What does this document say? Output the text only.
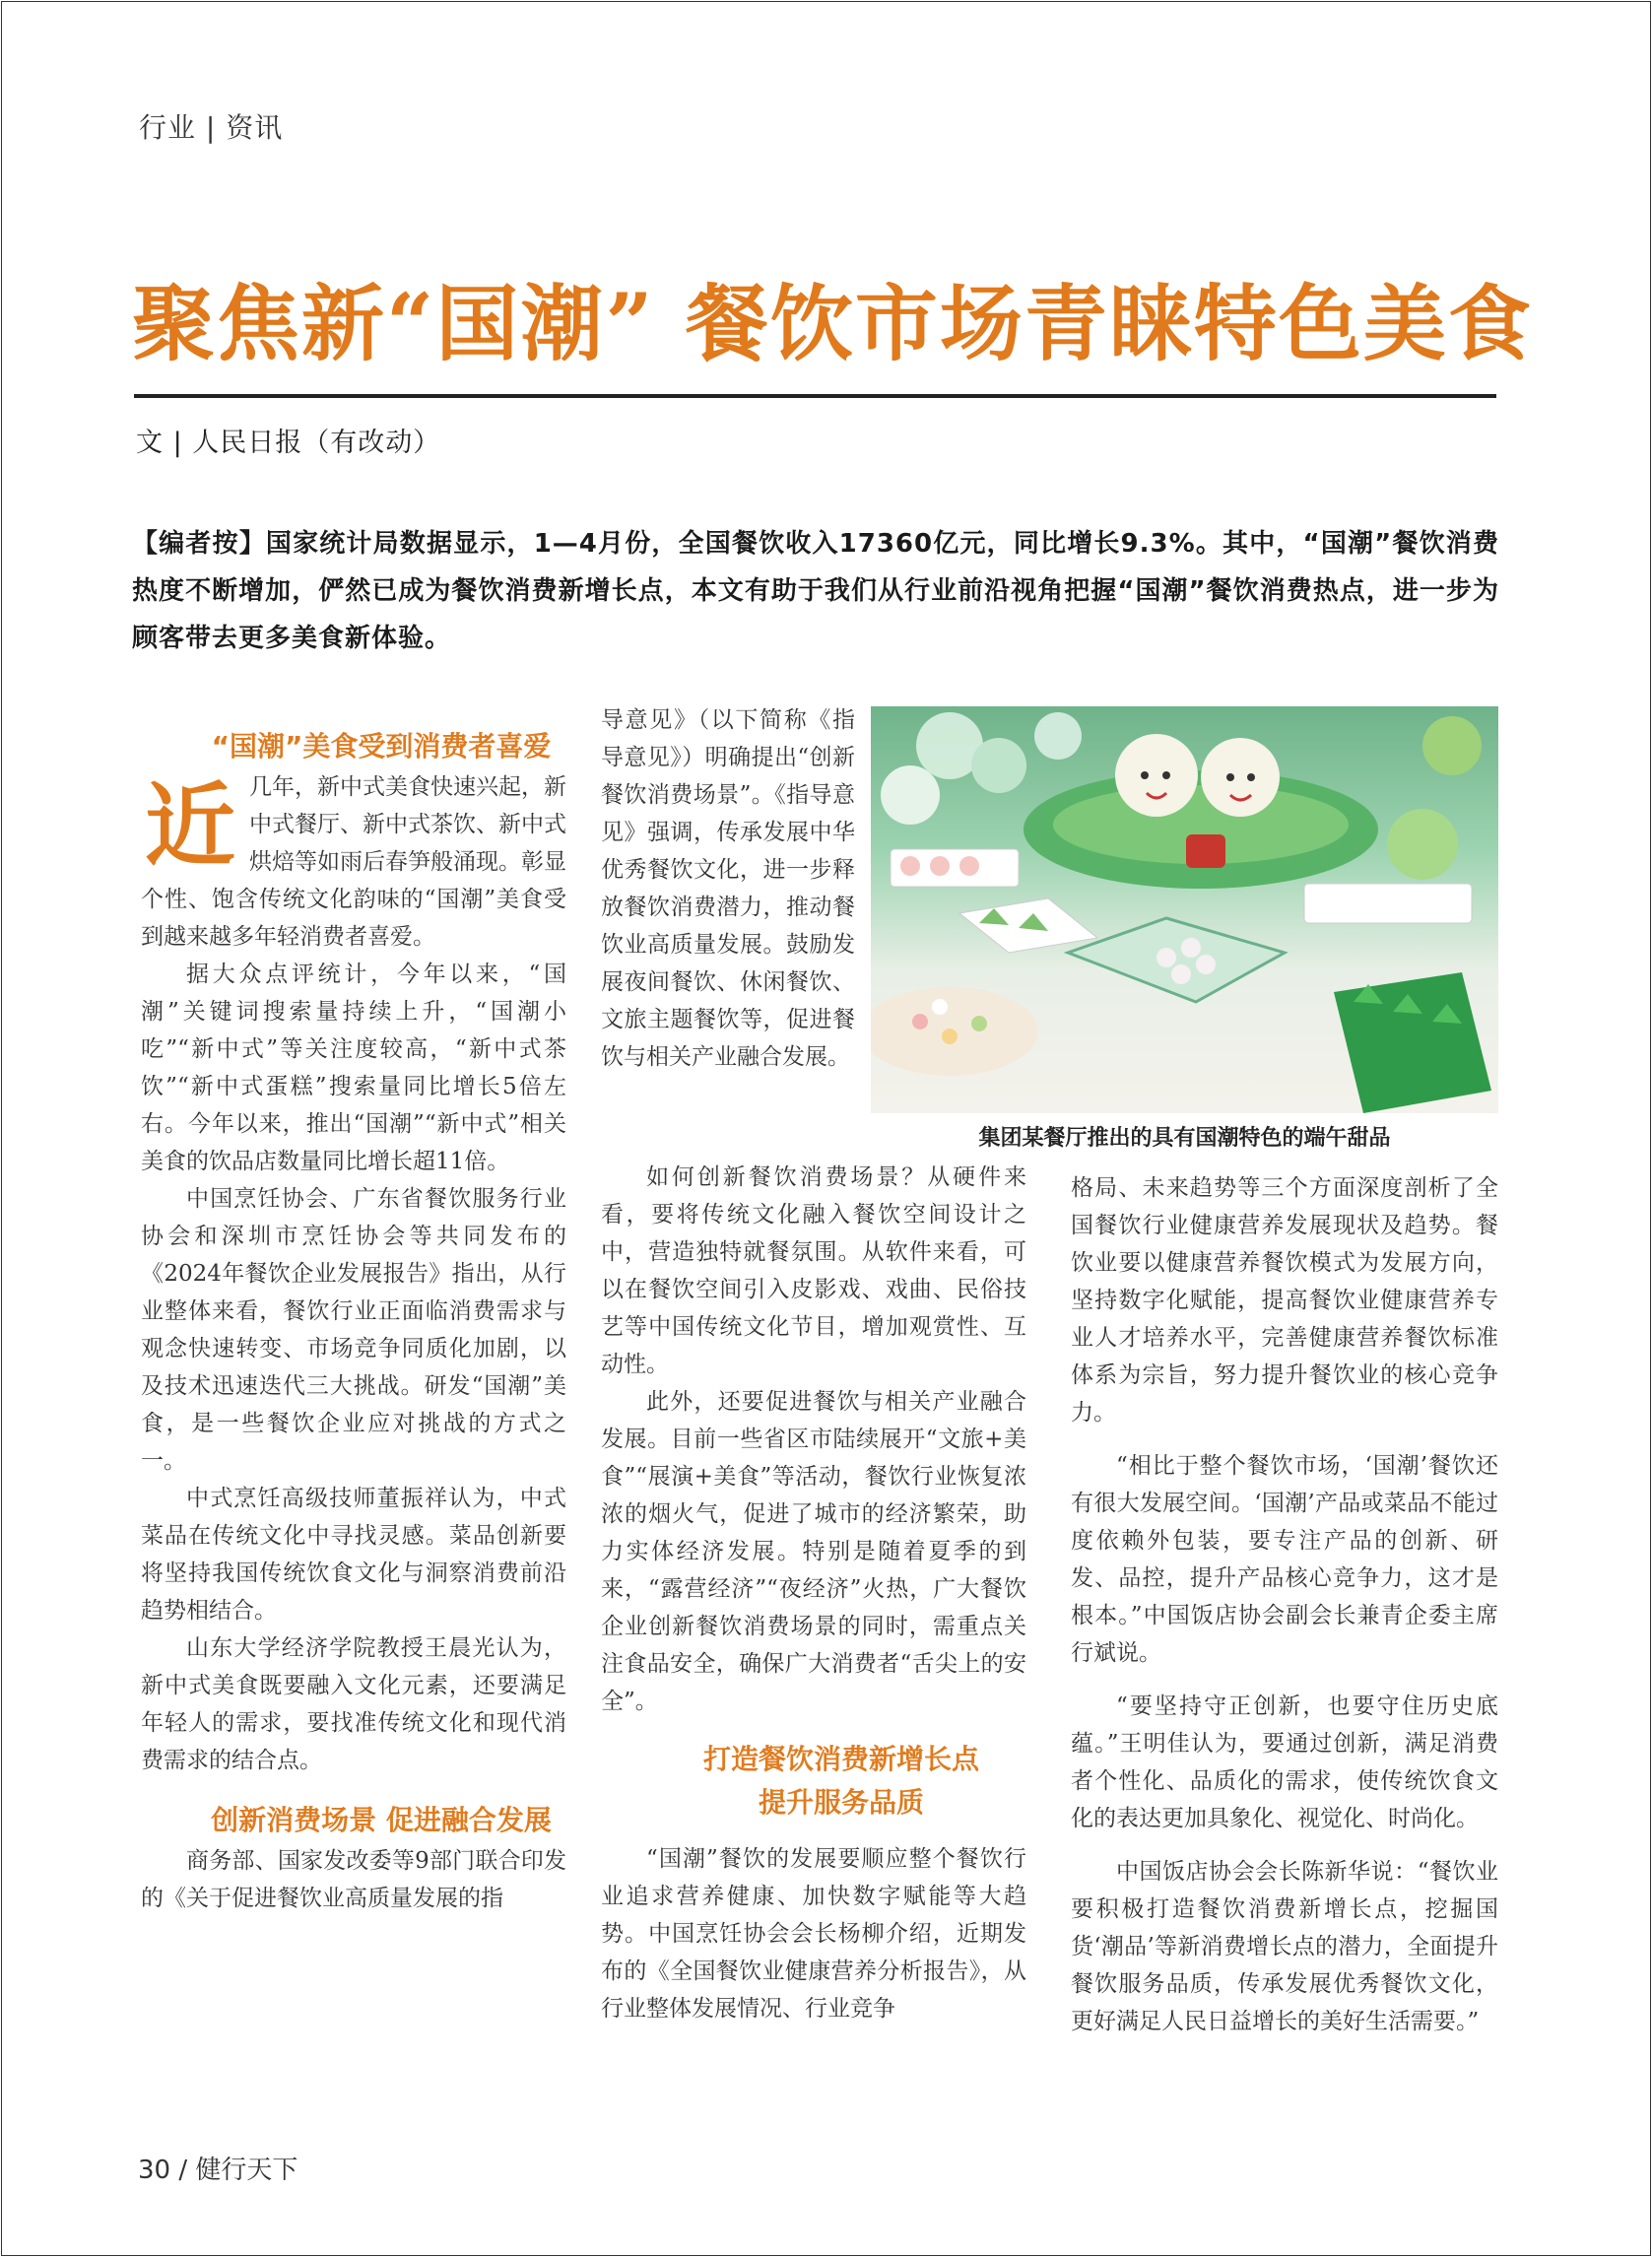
行业 | 资讯
聚焦新“国潮” 餐饮市场青睐特色美食
文 | 人民日报（有改动）
【编者按】国家统计局数据显示，1—4月份，全国餐饮收入17360亿元，同比增长9.3%。其中，“国潮”餐饮消费热度不断增加，俨然已成为餐饮消费新增长点，本文有助于我们从行业前沿视角把握“国潮”餐饮消费热点，进一步为顾客带去更多美食新体验。

“国潮”美食受到消费者喜爱

近几年，新中式美食快速兴起，新中式餐厅、新中式茶饮、新中式烘焙等如雨后春笋般涌现。彰显个性、饱含传统文化韵味的“国潮”美食受到越来越多年轻消费者喜爱。

据大众点评统计，今年以来，“国潮”关键词搜索量持续上升，“国潮小吃”“新中式”等关注度较高，“新中式茶饮”“新中式蛋糕”搜索量同比增长5倍左右。今年以来，推出“国潮”“新中式”相关美食的饮品店数量同比增长超11倍。

中国烹饪协会、广东省餐饮服务行业协会和深圳市烹饪协会等共同发布的《2024年餐饮企业发展报告》指出，从行业整体来看，餐饮行业正面临消费需求与观念快速转变、市场竞争同质化加剧，以及技术迅速迭代三大挑战。研发“国潮”美食，是一些餐饮企业应对挑战的方式之一。

中式烹饪高级技师董振祥认为，中式菜品在传统文化中寻找灵感。菜品创新要将坚持我国传统饮食文化与洞察消费前沿趋势相结合。

山东大学经济学院教授王晨光认为，新中式美食既要融入文化元素，还要满足年轻人的需求，要找准传统文化和现代消费需求的结合点。

创新消费场景 促进融合发展

商务部、国家发改委等9部门联合印发的《关于促进餐饮业高质量发展的指

导意见》（以下简称《指导意见》）明确提出“创新餐饮消费场景”。《指导意见》强调，传承发展中华优秀餐饮文化，进一步释放餐饮消费潜力，推动餐饮业高质量发展。鼓励发展夜间餐饮、休闲餐饮、文旅主题餐饮等，促进餐饮与相关产业融合发展。

如何创新餐饮消费场景？从硬件来看，要将传统文化融入餐饮空间设计之中，营造独特就餐氛围。从软件来看，可以在餐饮空间引入皮影戏、戏曲、民俗技艺等中国传统文化节目，增加观赏性、互动性。

此外，还要促进餐饮与相关产业融合发展。目前一些省区市陆续展开“文旅+美食”“展演+美食”等活动，餐饮行业恢复浓浓的烟火气，促进了城市的经济繁荣，助力实体经济发展。特别是随着夏季的到来，“露营经济”“夜经济”火热，广大餐饮企业创新餐饮消费场景的同时，需重点关注食品安全，确保广大消费者“舌尖上的安全”。

打造餐饮消费新增长点

提升服务品质

“国潮”餐饮的发展要顺应整个餐饮行业追求营养健康、加快数字赋能等大趋势。中国烹饪协会会长杨柳介绍，近期发布的《全国餐饮业健康营养分析报告》，从行业整体发展情况、行业竞争

集团某餐厅推出的具有国潮特色的端午甜品

格局、未来趋势等三个方面深度剖析了全国餐饮行业健康营养发展现状及趋势。餐饮业要以健康营养餐饮模式为发展方向，坚持数字化赋能，提高餐饮业健康营养专业人才培养水平，完善健康营养餐饮标准体系为宗旨，努力提升餐饮业的核心竞争力。

“相比于整个餐饮市场，‘国潮’餐饮还有很大发展空间。‘国潮’产品或菜品不能过度依赖外包装，要专注产品的创新、研发、品控，提升产品核心竞争力，这才是根本。”中国饭店协会副会长兼青企委主席行斌说。

“要坚持守正创新，也要守住历史底蕴。”王明佳认为，要通过创新，满足消费者个性化、品质化的需求，使传统饮食文化的表达更加具象化、视觉化、时尚化。

中国饭店协会会长陈新华说：“餐饮业要积极打造餐饮消费新增长点，挖掘国货‘潮品’等新消费增长点的潜力，全面提升餐饮服务品质，传承发展优秀餐饮文化，更好满足人民日益增长的美好生活需要。”

30 / 健行天下
